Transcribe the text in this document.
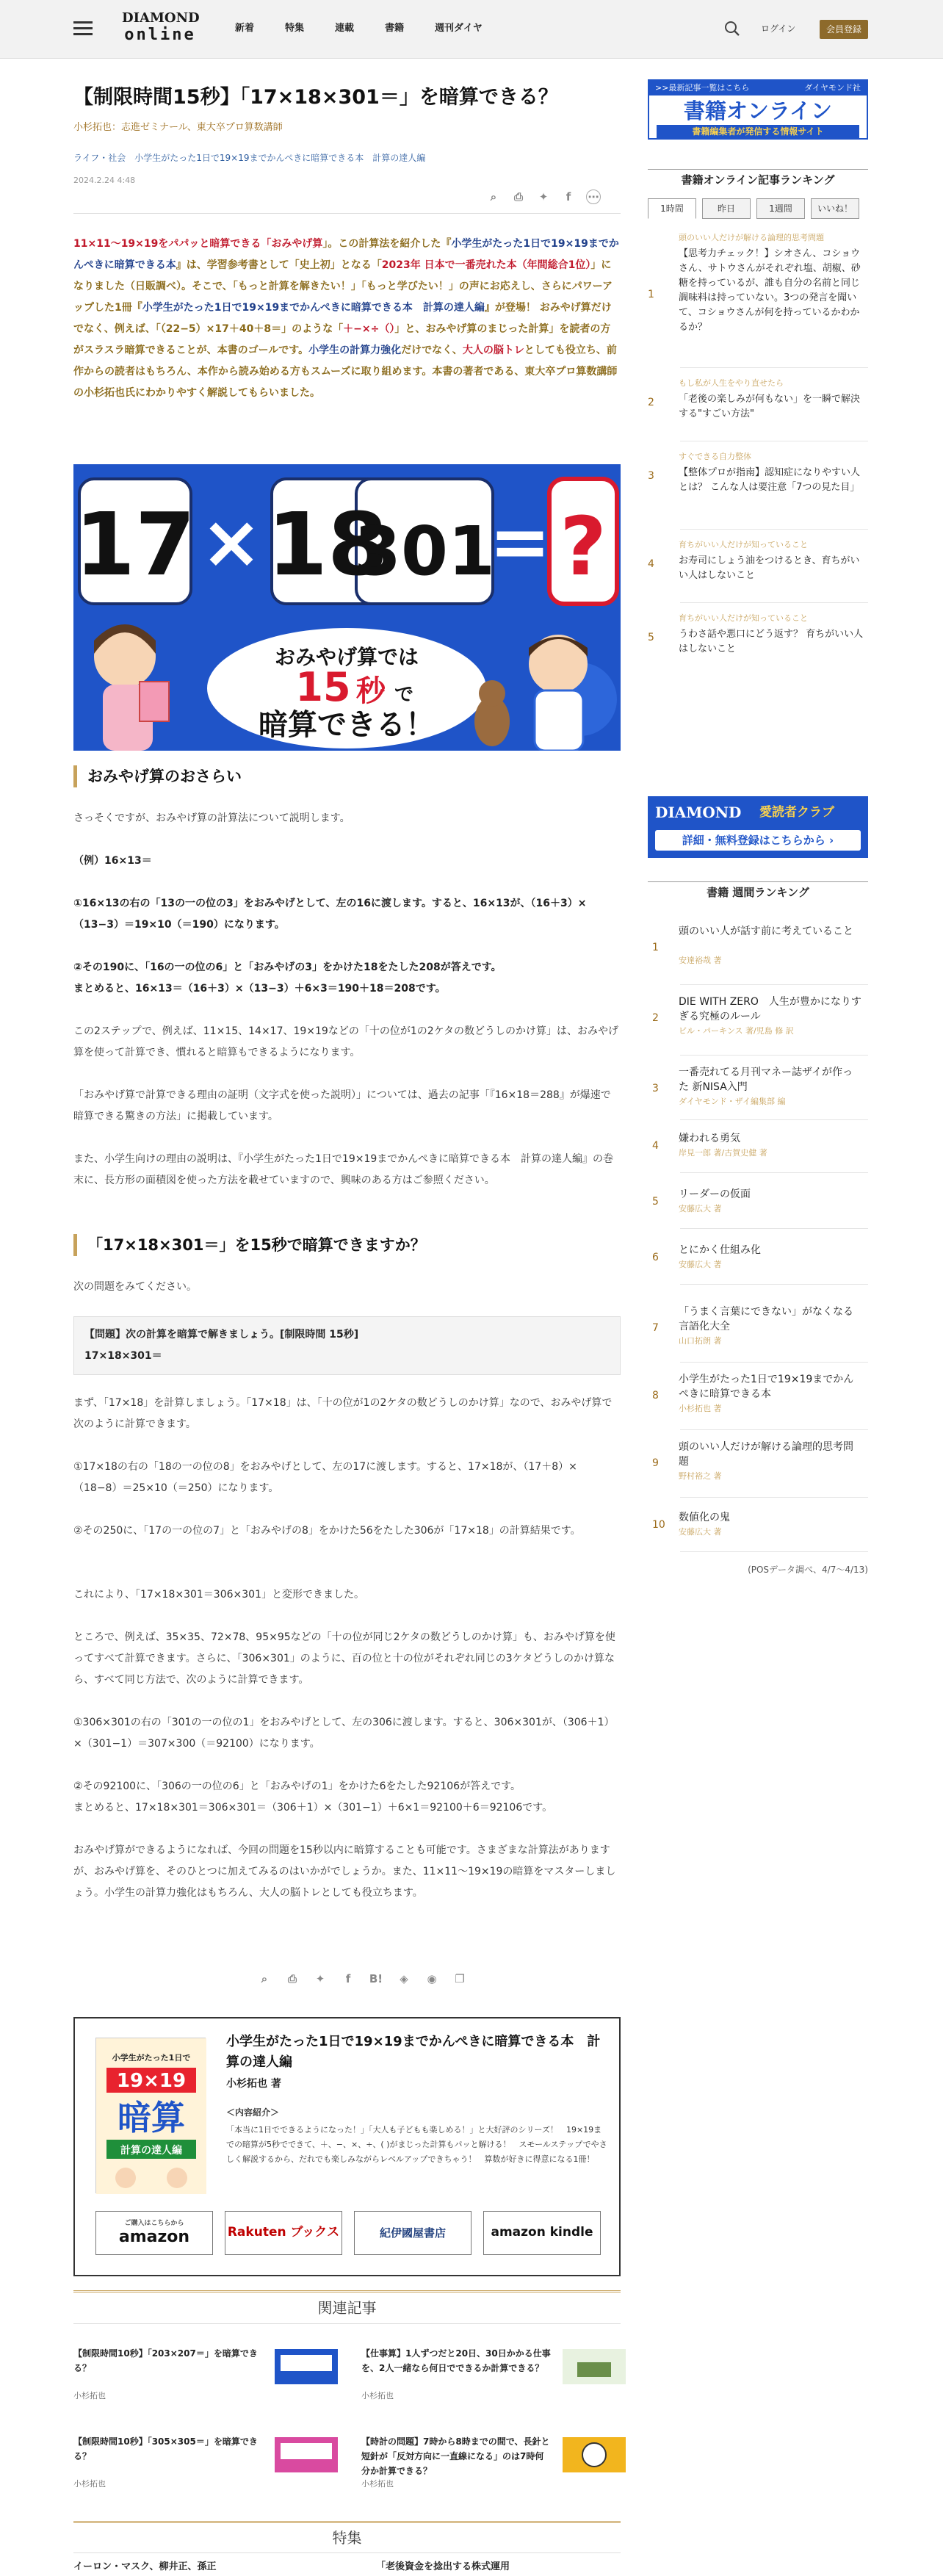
DIAMOND
online	新着	特集	連載	書籍	週刊ダイヤ	ログイン	会員登録
【制限時間15秒】「17×18×301＝」を暗算できる？
小杉拓也：志進ゼミナール、東大卒プロ算数講師
ライフ・社会　小学生がたった1日で19×19までかんぺきに暗算できる本　計算の達人編
2024.2.24 4:48
⌕	⎙ ✦	f	⋯
11×11〜19×19をパパッと暗算できる「おみやげ算」。この計算法を紹介した『小学生がたった1日で19×19までかんぺきに暗算できる本』は、学習参考書として「史上初」となる「2023年 日本で一番売れた本（年間総合1位）」になりました（日販調べ）。そこで、「もっと計算を解きたい！」「もっと学びたい！」の声にお応えし、さらにパワーアップした1冊『小学生がたった1日で19×19までかんぺきに暗算できる本　計算の達人編』が登場！ おみやげ算だけでなく、例えば、「（22−5）×17＋40＋8＝」のような「＋−×÷（）」と、おみやげ算のまじった計算」を読者の方がスラスラ暗算できることが、本書のゴールです。小学生の計算力強化だけでなく、大人の脳トレとしても役立ち、前作からの読者はもちろん、本作から読み始める方もスムーズに取り組めます。本書の著者である、東大卒プロ算数講師の小杉拓也氏にわかりやすく解説してもらいました。
17 × 18
301
= ?
おみやげ算では
15 秒 で
暗算できる！
おみやげ算のおさらい

さっそくですが、おみやげ算の計算法について説明します。

（例）16×13＝

①16×13の右の「13の一の位の3」をおみやげとして、左の16に渡します。すると、16×13が、（16＋3）×（13−3）＝19×10（＝190）になります。

②その190に、「16の一の位の6」と「おみやげの3」をかけた18をたした208が答えです。

まとめると、16×13＝（16＋3）×（13−3）＋6×3＝190＋18＝208です。

この2ステップで、例えば、11×15、14×17、19×19などの「十の位が1の2ケタの数どうしのかけ算」は、おみやげ算を使って計算でき、慣れると暗算もできるようになります。

「おみやげ算で計算できる理由の証明（文字式を使った説明）」については、過去の記事「『16×18＝288』が爆速で暗算できる驚きの方法」に掲載しています。

また、小学生向けの理由の説明は、『小学生がたった1日で19×19までかんぺきに暗算できる本　計算の達人編』の巻末に、長方形の面積図を使った方法を載せていますので、興味のある方はご参照ください。

「17×18×301＝」を15秒で暗算できますか？

次の問題をみてください。

【問題】次の計算を暗算で解きましょう。[制限時間 15秒]
17×18×301＝

まず、「17×18」を計算しましょう。「17×18」は、「十の位が1の2ケタの数どうしのかけ算」なので、おみやげ算で次のように計算できます。

①17×18の右の「18の一の位の8」をおみやげとして、左の17に渡します。すると、17×18が、（17＋8）×（18−8）＝25×10（＝250）になります。

②その250に、「17の一の位の7」と「おみやげの8」をかけた56をたした306が「17×18」の計算結果です。

これにより、「17×18×301＝306×301」と変形できました。

ところで、例えば、35×35、72×78、95×95などの「十の位が同じ2ケタの数どうしのかけ算」も、おみやげ算を使ってすべて計算できます。さらに、「306×301」のように、百の位と十の位がそれぞれ同じの3ケタどうしのかけ算なら、すべて同じ方法で、次のように計算できます。

①306×301の右の「301の一の位の1」をおみやげとして、左の306に渡します。すると、306×301が、（306＋1）×（301−1）＝307×300（＝92100）になります。

②その92100に、「306の一の位の6」と「おみやげの1」をかけた6をたした92106が答えです。

まとめると、17×18×301＝306×301＝（306＋1）×（301−1）＋6×1＝92100＋6＝92106です。

おみやげ算ができるようになれば、今回の問題を15秒以内に暗算することも可能です。さまざまな計算法がありますが、おみやげ算を、そのひとつに加えてみるのはいかがでしょうか。また、11×11〜19×19の暗算をマスターしましょう。小学生の計算力強化はもちろん、大人の脳トレとしても役立ちます。

⌕	⎙ ✦	f	B! ◈ ◉ ❐
小学生がたった1日で
19×19
暗算
計算の達人編
小学生がたった1日で19×19までかんぺきに暗算できる本　計算の達人編
小杉拓也 著
＜内容紹介＞
「本当に1日でできるようになった！」「大人も子どもも楽しめる！」と大好評のシリーズ！　19×19までの暗算が5秒でできて、＋、−、×、÷、( )がまじった計算もパッと解ける！　スモールステップでやさしく解説するから、だれでも楽しみながらレベルアップできちゃう！　算数が好きに得意になる1冊！
ご購入はこちらから
amazon	Rakuten ブックス	紀伊國屋書店	amazon kindle
関連記事
【制限時間10秒】「203×207＝」を暗算できる？
小杉拓也
【仕事算】1人ずつだと20日、30日かかる仕事を、2人一緒なら何日でできるか計算できる？
小杉拓也
【制限時間10秒】「305×305＝」を暗算できる？
小杉拓也
【時計の問題】7時から8時までの間で、長針と短針が「反対方向に一直線になる」のは7時何分か計算できる？
小杉拓也
特集
イーロン・マスク、柳井正、孫正	「老後資金を捻出する株式運用
>>最新記事一覧はこちら	ダイヤモンド社
書籍オンライン
書籍編集者が発信する情報サイト
書籍オンライン記事ランキング
1時間	昨日	1週間	いいね！
1
頭のいい人だけが解ける論理的思考問題
【思考力チェック！】シオさん、コショウさん、サトウさんがそれぞれ塩、胡椒、砂糖を持っているが、誰も自分の名前と同じ調味料は持っていない。3つの発言を聞いて、コショウさんが何を持っているかわかるか？
2
もし私が人生をやり直せたら
「老後の楽しみが何もない」を一瞬で解決する"すごい方法"
3
すぐできる自力整体
【整体プロが指南】認知症になりやすい人とは？ こんな人は要注意「7つの見た目」
4
育ちがいい人だけが知っていること
お寿司にしょう油をつけるとき、育ちがいい人はしないこと
5
育ちがいい人だけが知っていること
うわさ話や悪口にどう返す？ 育ちがいい人はしないこと
DIAMOND 愛読者クラブ
詳細・無料登録はこちらから ›
書籍 週間ランキング
1
頭のいい人が話す前に考えていること
安達裕哉 著
2
DIE WITH ZERO　人生が豊かになりすぎる究極のルール
ビル・パーキンス 著/児島 修 訳
3
一番売れてる月刊マネー誌ザイが作った 新NISA入門
ダイヤモンド・ザイ編集部 編
4
嫌われる勇気
岸見一郎 著/古賀史健 著
5
リーダーの仮面
安藤広大 著
6
とにかく仕組み化
安藤広大 著
7
「うまく言葉にできない」がなくなる 言語化大全
山口拓朗 著
8
小学生がたった1日で19×19までかんぺきに暗算できる本
小杉拓也 著
9
頭のいい人だけが解ける論理的思考問題
野村裕之 著
10
数値化の鬼
安藤広大 著
(POSデータ調べ、4/7〜4/13)
